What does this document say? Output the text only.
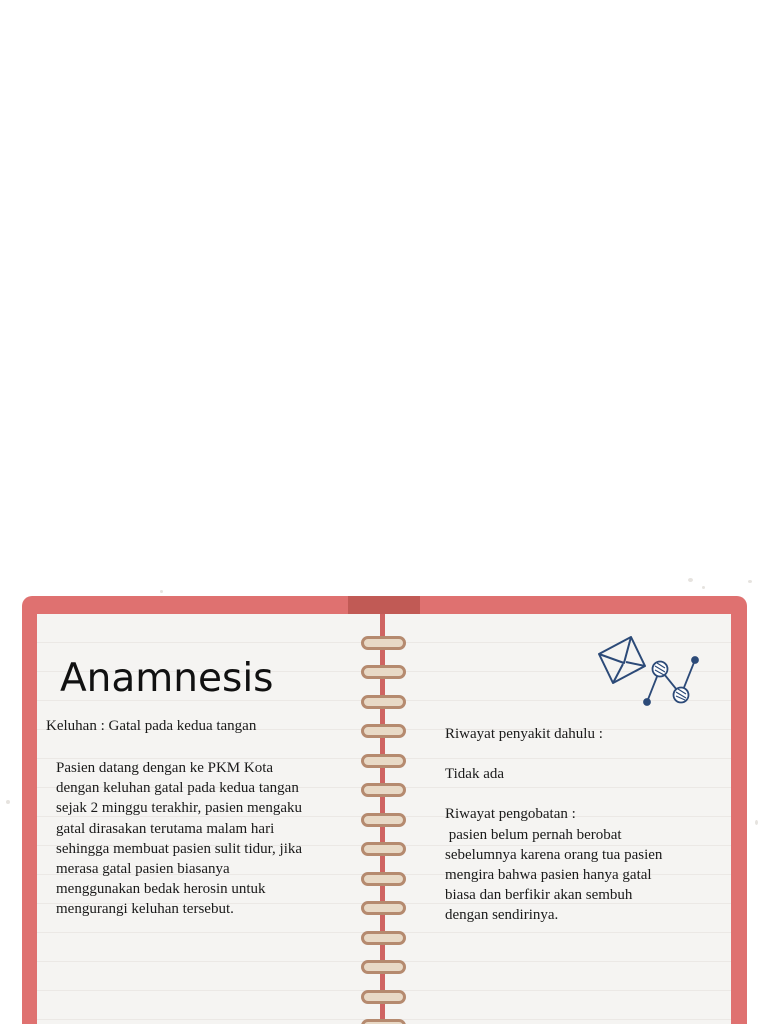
Anamnesis

Keluhan : Gatal pada kedua tangan

Pasien datang dengan ke PKM Kota
dengan keluhan gatal pada kedua tangan
sejak 2 minggu terakhir, pasien mengaku
gatal dirasakan terutama malam hari
sehingga membuat pasien sulit tidur, jika
merasa gatal pasien biasanya
menggunakan bedak herosin untuk
mengurangi keluhan tersebut.

Riwayat penyakit dahulu :
Tidak ada
Riwayat pengobatan :
pasien belum pernah berobat
sebelumnya karena orang tua pasien
mengira bahwa pasien hanya gatal
biasa dan berfikir akan sembuh
dengan sendirinya.
